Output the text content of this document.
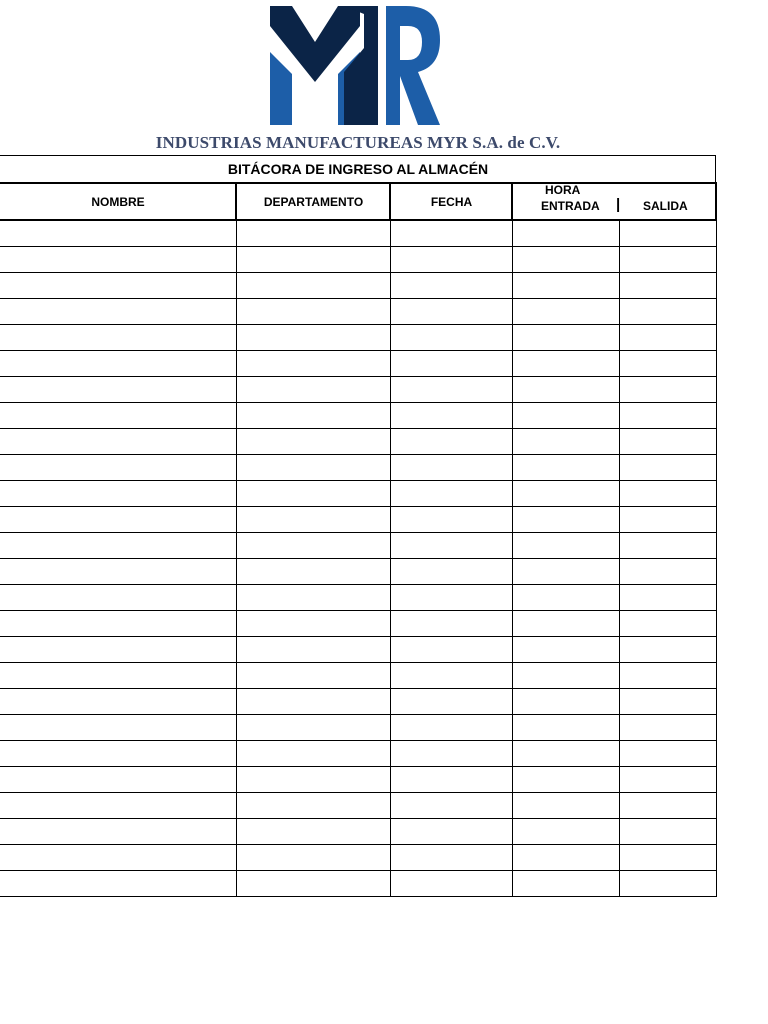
INDUSTRIAS MANUFACTUREAS MYR S.A. de C.V.
BITÁCORA DE INGRESO AL ALMACÉN
NOMBRE	DEPARTAMENTO	FECHA
HORA
ENTRADA | SALIDA
